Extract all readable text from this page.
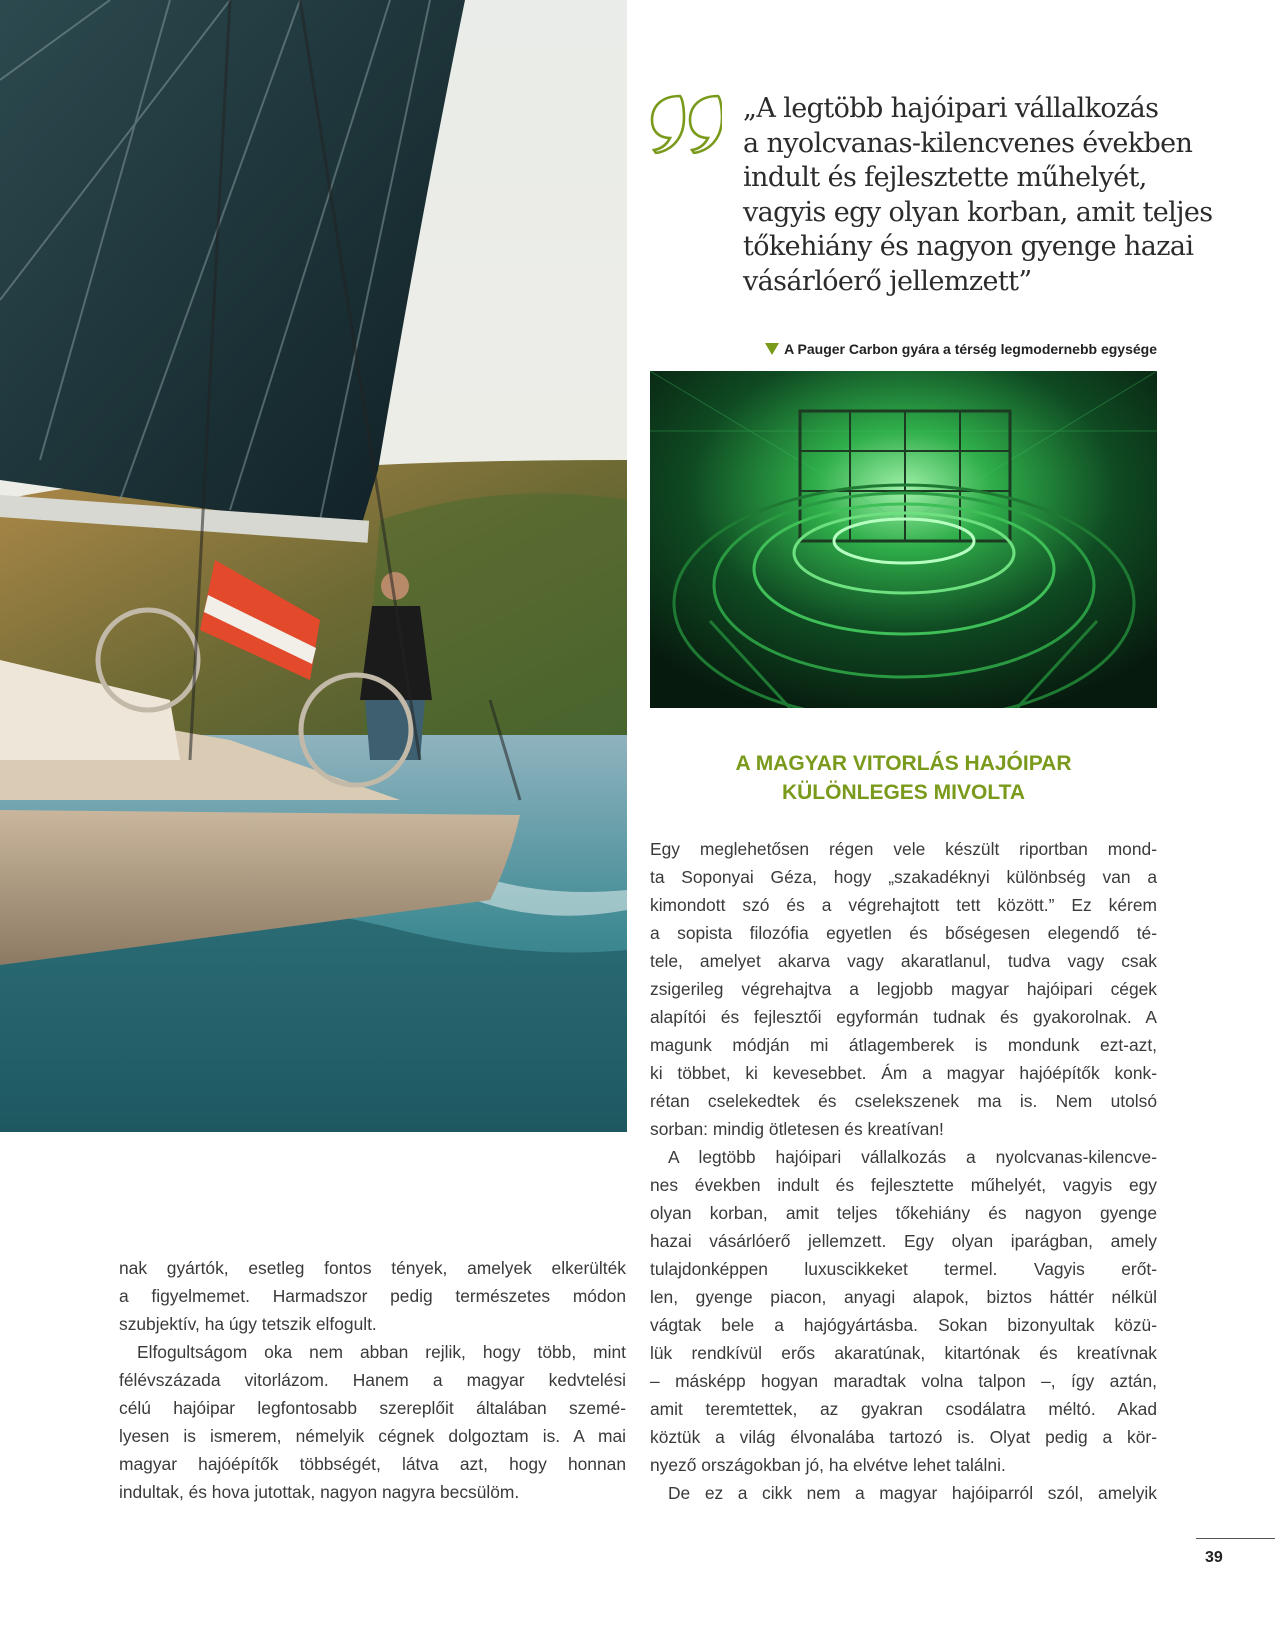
„A legtöbb hajóipari vállalkozás
a nyolcvanas-kilencvenes években
indult és fejlesztette műhelyét,
vagyis egy olyan korban, amit teljes
tőkehiány és nagyon gyenge hazai
vásárlóerő jellemzett”
A Pauger Carbon gyára a térség legmodernebb egysége
A MAGYAR VITORLÁS HAJÓIPAR
KÜLÖNLEGES MIVOLTA
Egy meglehetősen régen vele készült riportban mond-
ta Soponyai Géza, hogy „szakadéknyi különbség van a
kimondott szó és a végrehajtott tett között.” Ez kérem
a sopista filozófia egyetlen és bőségesen elegendő té-
tele, amelyet akarva vagy akaratlanul, tudva vagy csak
zsigerileg végrehajtva a legjobb magyar hajóipari cégek
alapítói és fejlesztői egyformán tudnak és gyakorolnak. A
magunk módján mi átlagemberek is mondunk ezt-azt,
ki többet, ki kevesebbet. Ám a magyar hajóépítők konk-
rétan cselekedtek és cselekszenek ma is. Nem utolsó
sorban: mindig ötletesen és kreatívan!
A legtöbb hajóipari vállalkozás a nyolcvanas-kilencve-
nes években indult és fejlesztette műhelyét, vagyis egy
olyan korban, amit teljes tőkehiány és nagyon gyenge
hazai vásárlóerő jellemzett. Egy olyan iparágban, amely
tulajdonképpen luxuscikkeket termel. Vagyis erőt-
len, gyenge piacon, anyagi alapok, biztos háttér nélkül
vágtak bele a hajógyártásba. Sokan bizonyultak közü-
lük rendkívül erős akaratúnak, kitartónak és kreatívnak
– másképp hogyan maradtak volna talpon –, így aztán,
amit teremtettek, az gyakran csodálatra méltó. Akad
köztük a világ élvonalába tartozó is. Olyat pedig a kör-
nyező országokban jó, ha elvétve lehet találni.
De ez a cikk nem a magyar hajóiparról szól, amelyik
nak gyártók, esetleg fontos tények, amelyek elkerülték
a figyelmemet. Harmadszor pedig természetes módon
szubjektív, ha úgy tetszik elfogult.
Elfogultságom oka nem abban rejlik, hogy több, mint
félévszázada vitorlázom. Hanem a magyar kedvtelési
célú hajóipar legfontosabb szereplőit általában szemé-
lyesen is ismerem, némelyik cégnek dolgoztam is. A mai
magyar hajóépítők többségét, látva azt, hogy honnan
indultak, és hova jutottak, nagyon nagyra becsülöm.
39
